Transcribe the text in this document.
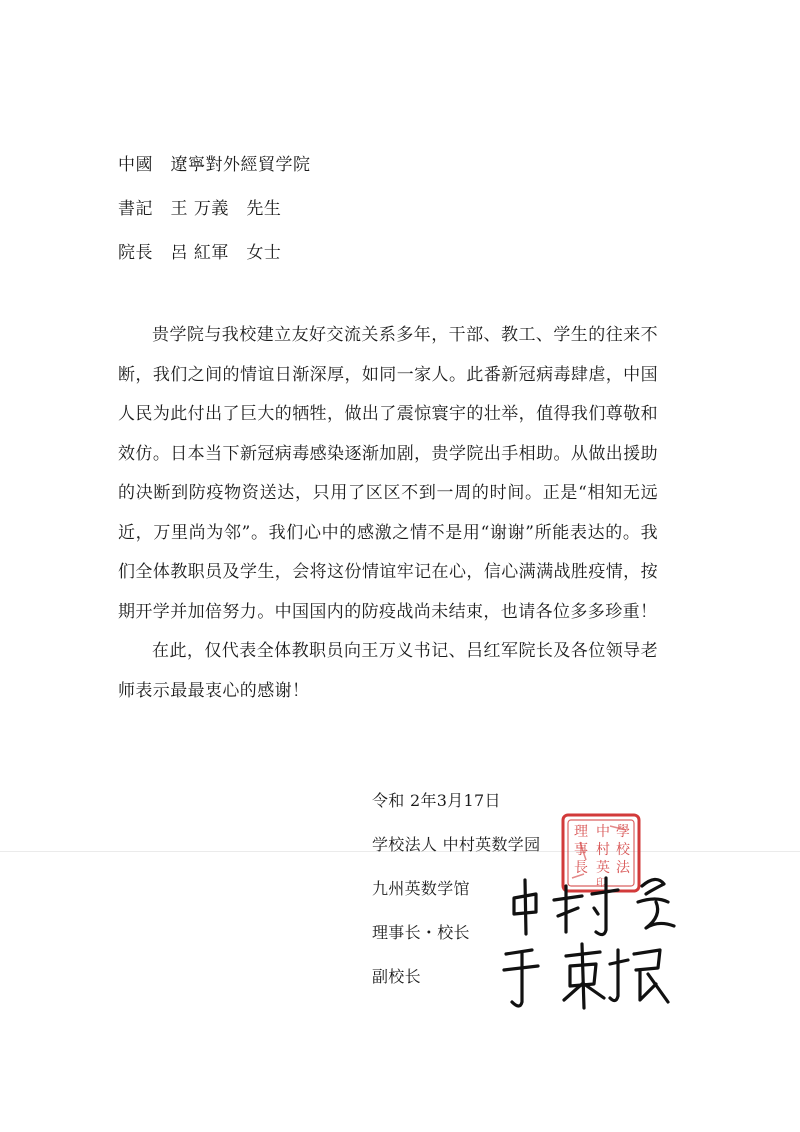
中國　遼寧對外經貿学院
書記　王 万義　先生
院長　呂 紅軍　女士

贵学院与我校建立友好交流关系多年，干部、教工、学生的往来不断，我们之间的情谊日渐深厚，如同一家人。此番新冠病毒肆虐，中国人民为此付出了巨大的牺牲，做出了震惊寰宇的壮举，值得我们尊敬和效仿。日本当下新冠病毒感染逐渐加剧，贵学院出手相助。从做出援助的决断到防疫物资送达，只用了区区不到一周的时间。正是“相知无远近，万里尚为邻”。我们心中的感激之情不是用“谢谢”所能表达的。我们全体教职员及学生，会将这份情谊牢记在心，信心满满战胜疫情，按期开学并加倍努力。中国国内的防疫战尚未结束，也请各位多多珍重！

在此，仅代表全体教职员向王万义书记、吕红军院长及各位领导老师表示最最衷心的感谢！

令和 2年3月17日
学校法人 中村英数学园
九州英数学馆
理事长・校长
副校长
學
校
法
中
村
英
理
事
長
印
